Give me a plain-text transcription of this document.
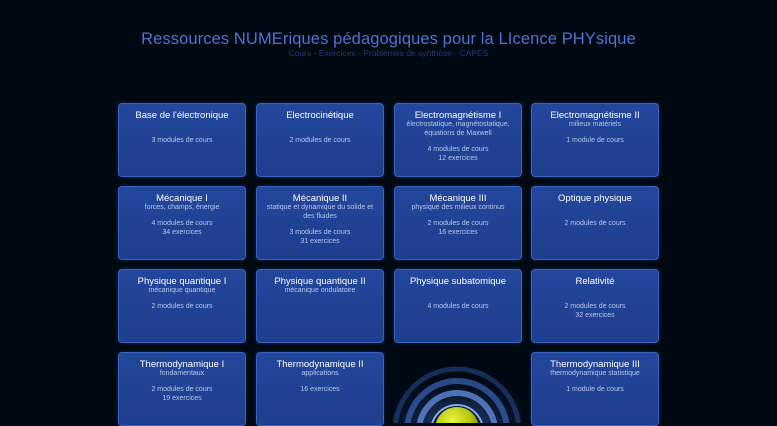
Ressources NUMEriques pédagogiques pour la LIcence PHYsique
Cours - Exercices - Problèmes de synthèse - CAPES
Base de l'électronique
3 modules de cours
Electrocinétique
2 modules de cours
Electromagnétisme I
électrostatique, magnétostatique, équations de Maxwell
4 modules de cours
12 exercices
Electromagnétisme II
milieux matériels
1 module de cours
Mécanique I
forces, champs, énergie
4 modules de cours
34 exercices
Mécanique II
statique et dynamique du solide et des fluides
3 modules de cours
31 exercices
Mécanique III
physique des milieux continus
2 modules de cours
16 exercices
Optique physique
2 modules de cours
Physique quantique I
mécanique quantique
2 modules de cours
Physique quantique II
mécanique ondulatoire
Physique subatomique
4 modules de cours
Relativité
2 modules de cours
32 exercices
Thermodynamique I
fondamentaux
2 modules de cours
19 exercices
Thermodynamique II
applications
16 exercices
Thermodynamique III
thermodynamique statistique
1 module de cours
